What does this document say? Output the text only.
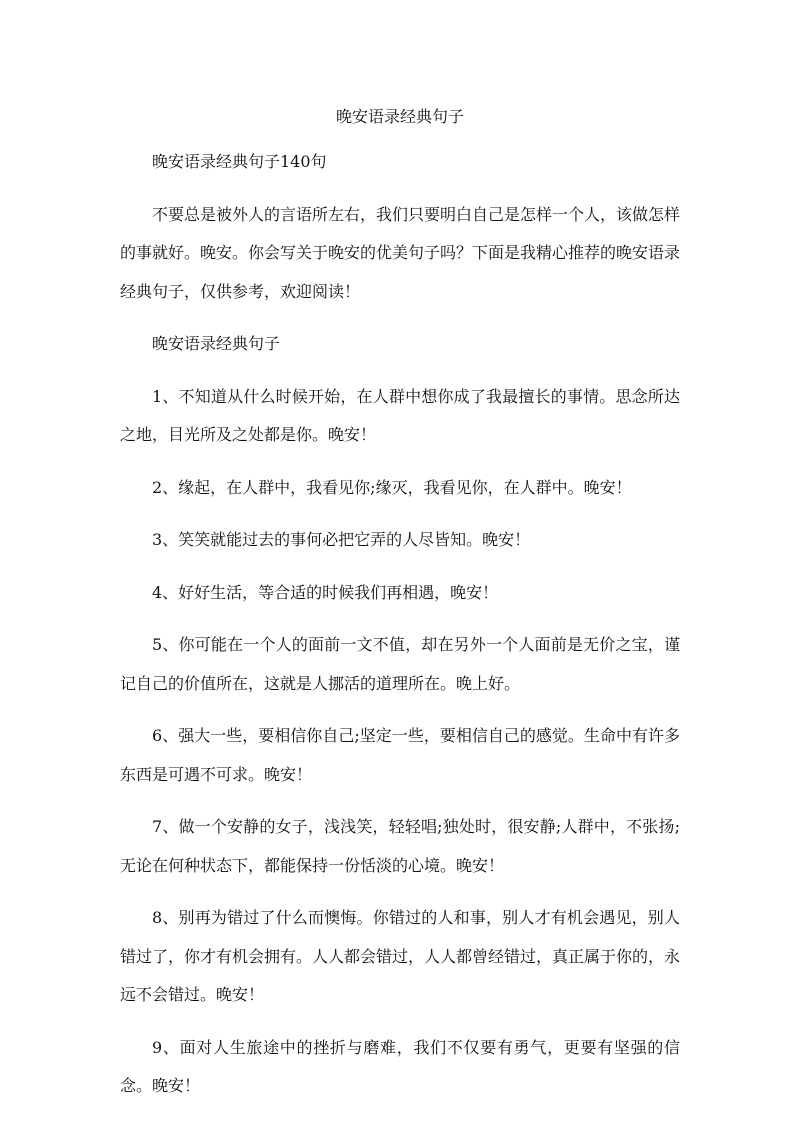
晚安语录经典句子

晚安语录经典句子140句

不要总是被外人的言语所左右，我们只要明白自己是怎样一个人，该做怎样的事就好。晚安。你会写关于晚安的优美句子吗？下面是我精心推荐的晚安语录经典句子，仅供参考，欢迎阅读！

晚安语录经典句子

1、不知道从什么时候开始，在人群中想你成了我最擅长的事情。思念所达之地，目光所及之处都是你。晚安！

2、缘起，在人群中，我看见你;缘灭，我看见你，在人群中。晚安！

3、笑笑就能过去的事何必把它弄的人尽皆知。晚安！

4、好好生活，等合适的时候我们再相遇，晚安！

5、你可能在一个人的面前一文不值，却在另外一个人面前是无价之宝，谨记自己的价值所在，这就是人挪活的道理所在。晚上好。

6、强大一些，要相信你自己;坚定一些，要相信自己的感觉。生命中有许多东西是可遇不可求。晚安！

7、做一个安静的女子，浅浅笑，轻轻唱;独处时，很安静;人群中，不张扬;无论在何种状态下，都能保持一份恬淡的心境。晚安！

8、别再为错过了什么而懊悔。你错过的人和事，别人才有机会遇见，别人错过了，你才有机会拥有。人人都会错过，人人都曾经错过，真正属于你的，永远不会错过。晚安！

9、面对人生旅途中的挫折与磨难，我们不仅要有勇气，更要有坚强的信念。晚安！
